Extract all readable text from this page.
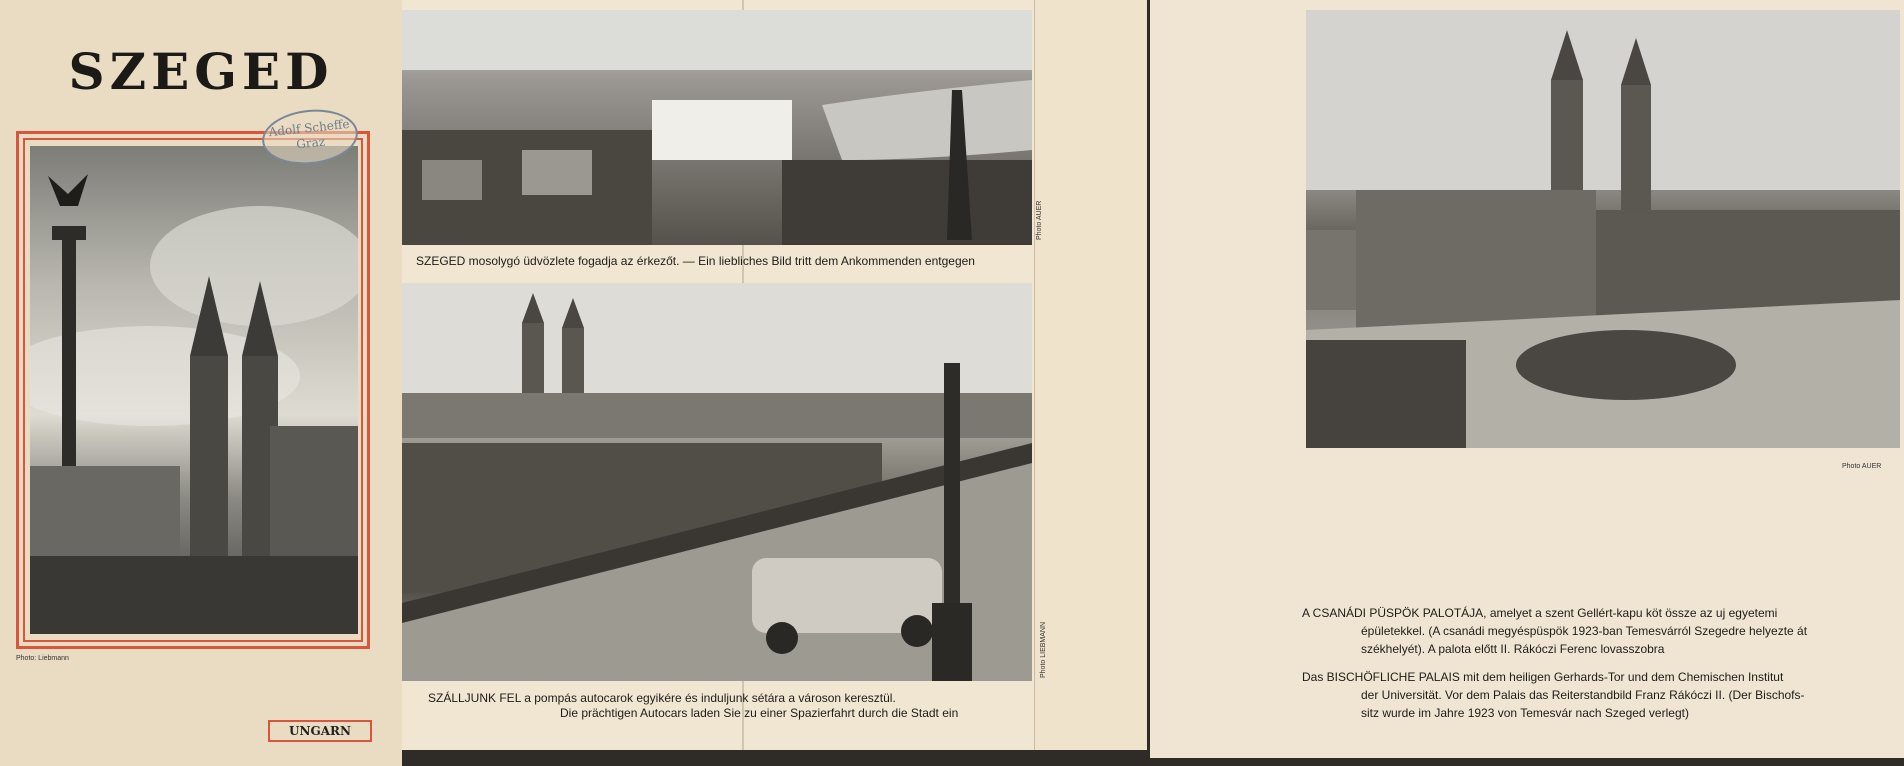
SZEGED
Adolf Scheffe
Graz
Photo: Liebmann
UNGARN
SZEGED mosolygó üdvözlete fogadja az érkezőt. — Ein liebliches Bild tritt dem Ankommenden entgegen
Photo AUER
SZÁLLJUNK FEL a pompás autocarok egyikére és induljunk sétára a városon keresztül.
Die prächtigen Autocars laden Sie zu einer Spazierfahrt durch die Stadt ein
Photo LIEBMANN
Photo AUER
A CSANÁDI PÜSPÖK PALOTÁJA, amelyet a szent Gellért-kapu köt össze az uj egyetemi
épületekkel. (A csanádi megyéspüspök 1923-ban Temesvárról Szegedre helyezte át
székhelyét). A palota előtt II. Rákóczi Ferenc lovasszobra
Das BISCHÖFLICHE PALAIS mit dem heiligen Gerhards-Tor und dem Chemischen Institut
der Universität. Vor dem Palais das Reiterstandbild Franz Rákóczi II. (Der Bischofs-
sitz wurde im Jahre 1923 von Temesvár nach Szeged verlegt)
